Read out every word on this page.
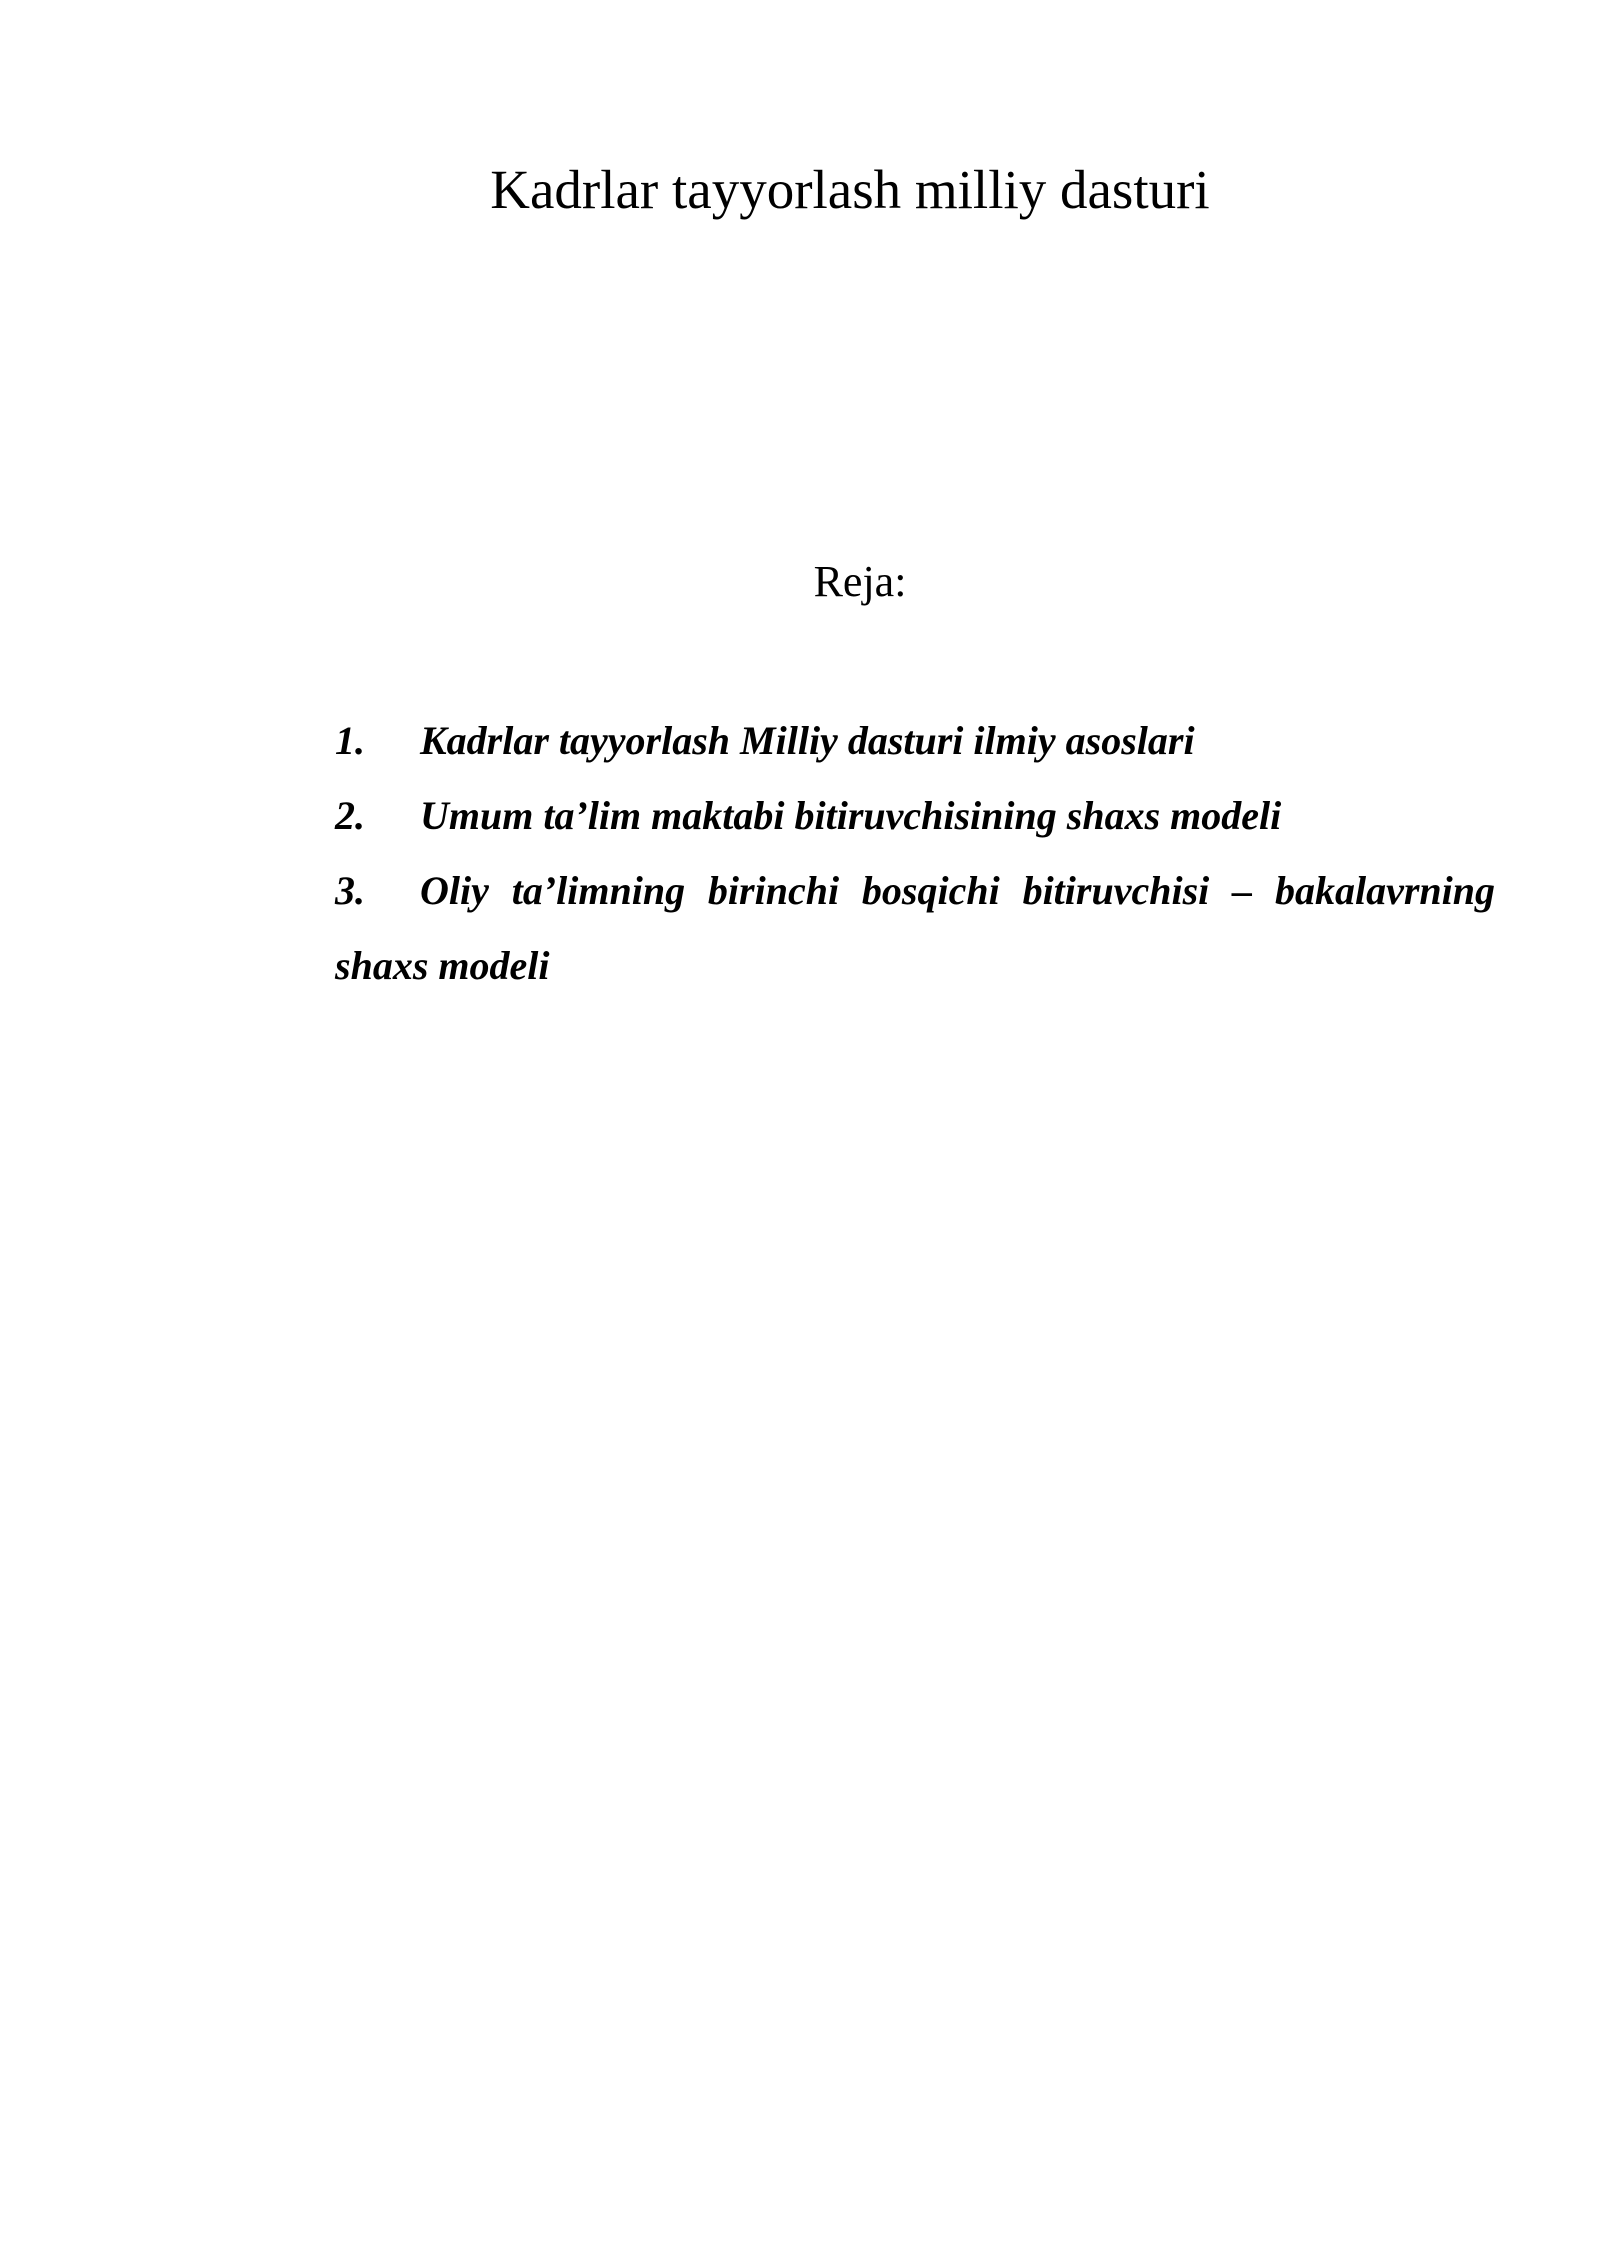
Kadrlar tayyorlash milliy dasturi
Reja:
1. Kadrlar tayyorlash Milliy dasturi ilmiy asoslari
2. Umum ta’lim maktabi bitiruvchisining shaxs modeli
3. Oliy ta’limning birinchi bosqichi bitiruvchisi – bakalavrning shaxs modeli
